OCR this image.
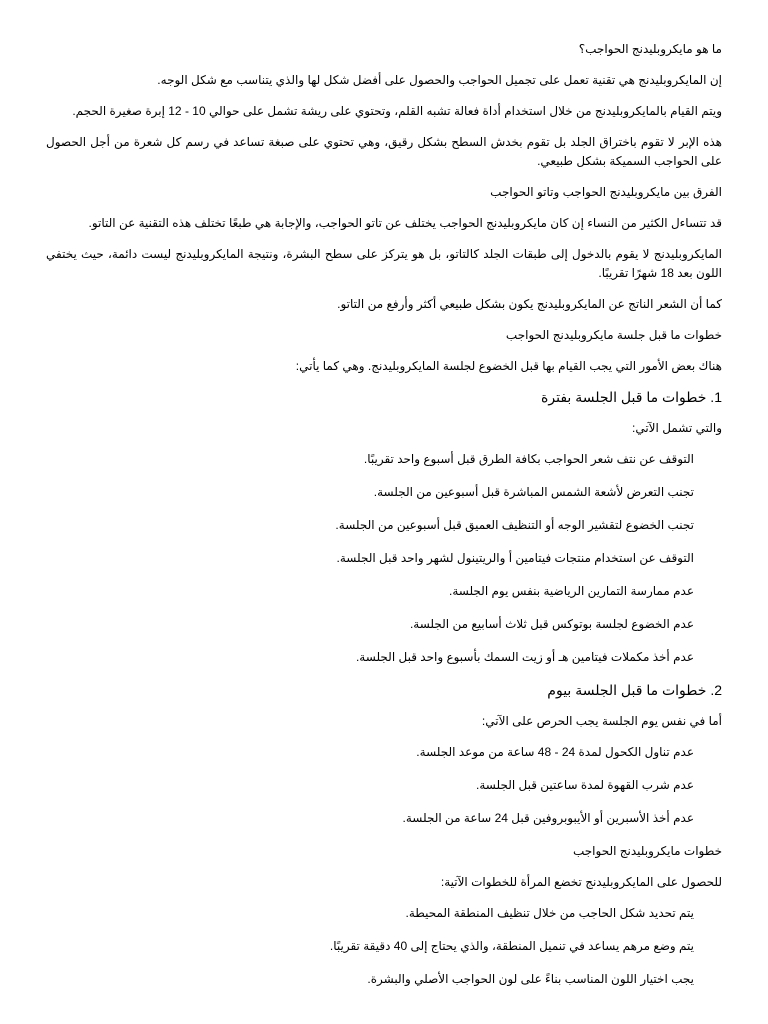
ما هو مايكروبليدنج الحواجب؟

إن المايكروبليدنج هي تقنية تعمل على تجميل الحواجب والحصول على أفضل شكل لها والذي يتناسب مع شكل الوجه.

ويتم القيام بالمايكروبليدنج من خلال استخدام أداة فعالة تشبه القلم، وتحتوي على ريشة تشمل على حوالي 10 - 12 إبرة صغيرة الحجم.

هذه الإبر لا تقوم باختراق الجلد بل تقوم بخدش السطح بشكل رقيق، وهي تحتوي على صبغة تساعد في رسم كل شعرة من أجل الحصول على الحواجب السميكة بشكل طبيعي.

الفرق بين مايكروبليدنج الحواجب وتاتو الحواجب

قد تتساءل الكثير من النساء إن كان مايكروبليدنج الحواجب يختلف عن تاتو الحواجب، والإجابة هي طبعًا تختلف هذه التقنية عن التاتو.

المايكروبليدنج لا يقوم بالدخول إلى طبقات الجلد كالتاتو، بل هو يتركز على سطح البشرة، ونتيجة المايكروبليدنج ليست دائمة، حيث يختفي اللون بعد 18 شهرًا تقريبًا.

كما أن الشعر الناتج عن المايكروبليدنج يكون بشكل طبيعي أكثر وأرفع من التاتو.

خطوات ما قبل جلسة مايكروبليدنج الحواجب

هناك بعض الأمور التي يجب القيام بها قبل الخضوع لجلسة المايكروبليدنج. وهي كما يأتي:

1. خطوات ما قبل الجلسة بفترة

والتي تشمل الآتي:

التوقف عن نتف شعر الحواجب بكافة الطرق قبل أسبوع واحد تقريبًا.

تجنب التعرض لأشعة الشمس المباشرة قبل أسبوعين من الجلسة.

تجنب الخضوع لتقشير الوجه أو التنظيف العميق قبل أسبوعين من الجلسة.

التوقف عن استخدام منتجات فيتامين أ والريتينول لشهر واحد قبل الجلسة.

عدم ممارسة التمارين الرياضية بنفس يوم الجلسة.

عدم الخضوع لجلسة بوتوكس قبل ثلاث أسابيع من الجلسة.

عدم أخذ مكملات فيتامين هـ أو زيت السمك بأسبوع واحد قبل الجلسة.

2. خطوات ما قبل الجلسة بيوم

أما في نفس يوم الجلسة يجب الحرص على الآتي:

عدم تناول الكحول لمدة 24 - 48 ساعة من موعد الجلسة.

عدم شرب القهوة لمدة ساعتين قبل الجلسة.

عدم أخذ الأسبرين أو الأيبوبروفين قبل 24 ساعة من الجلسة.

خطوات مايكروبليدنج الحواجب

للحصول على المايكروبليدنج تخضع المرأة للخطوات الآتية:

يتم تحديد شكل الحاجب من خلال تنظيف المنطقة المحيطة.

يتم وضع مرهم يساعد في تنميل المنطقة، والذي يحتاج إلى 40 دقيقة تقريبًا.

يجب اختيار اللون المناسب بناءً على لون الحواجب الأصلي والبشرة.
